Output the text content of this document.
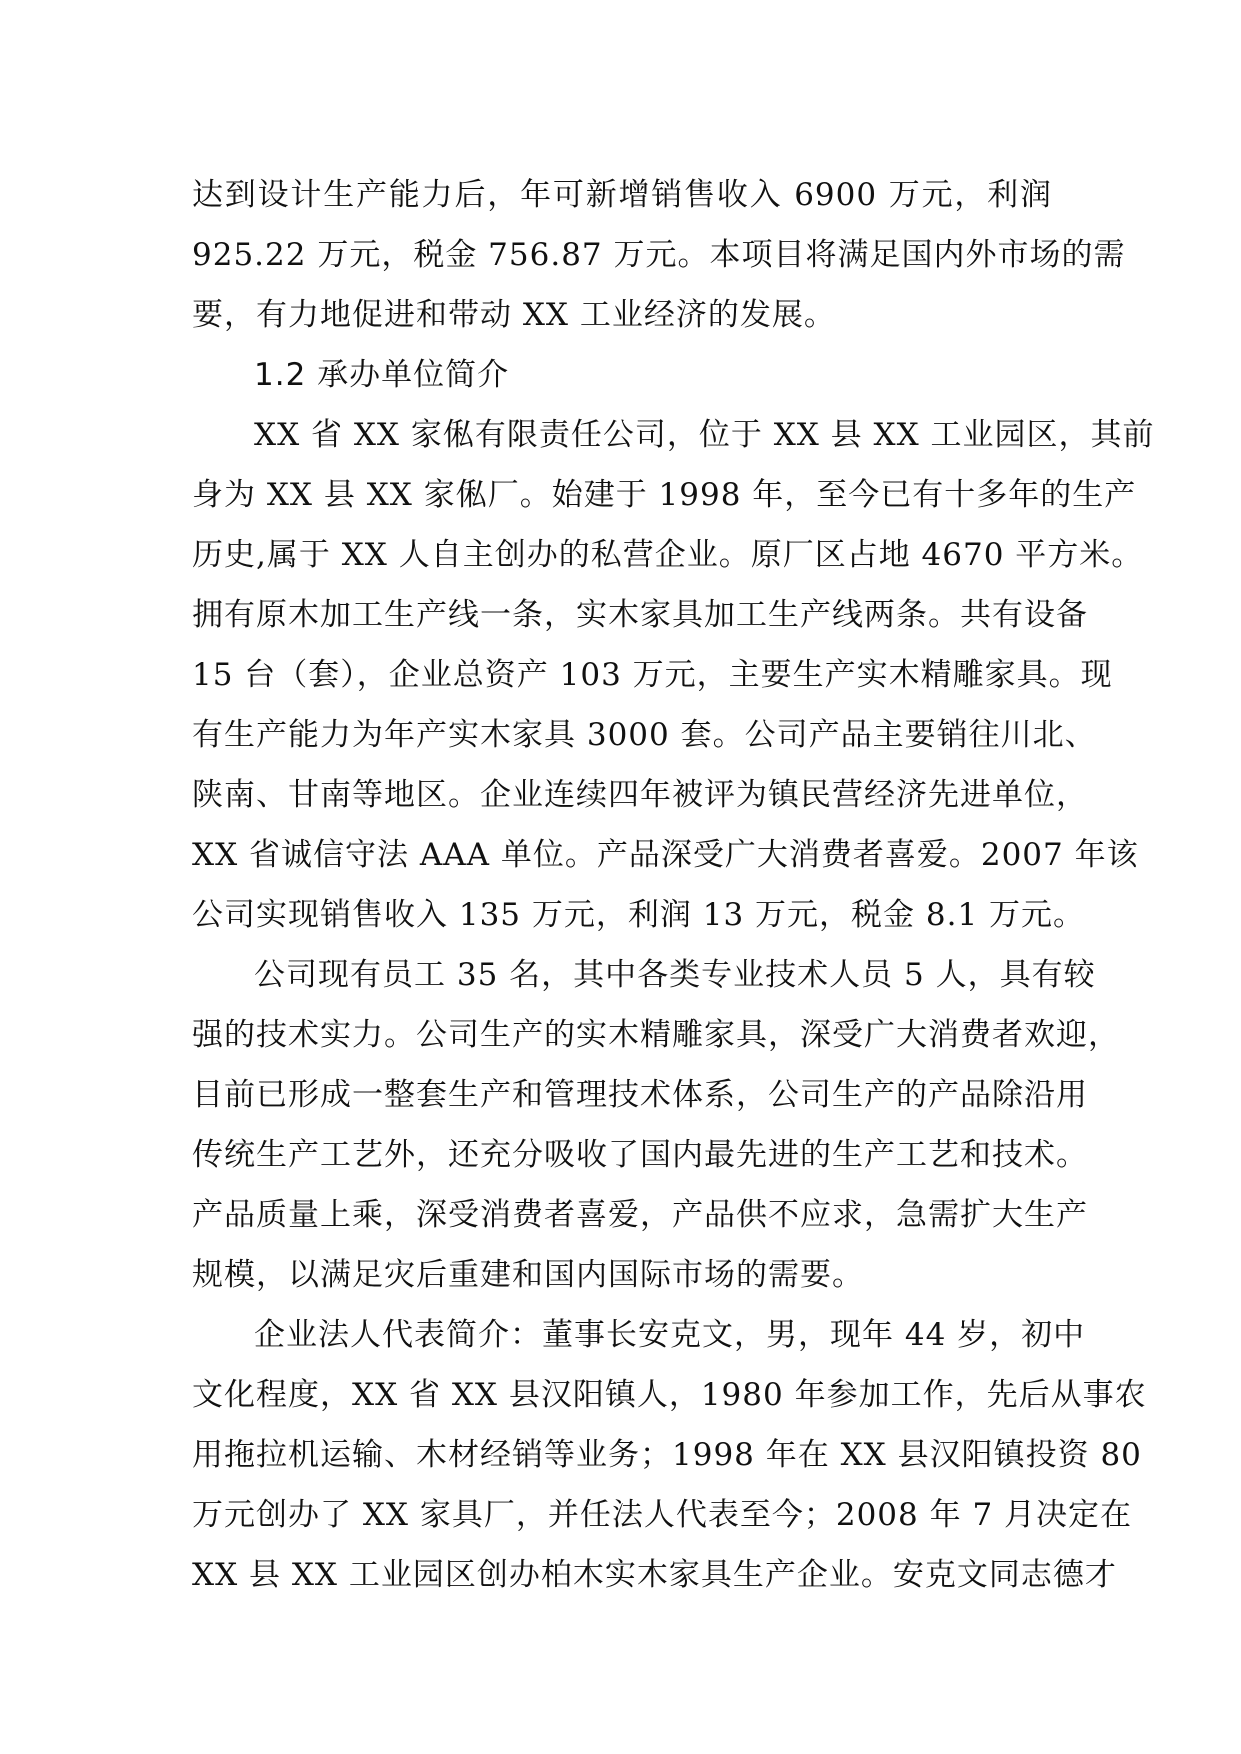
达到设计生产能力后，年可新增销售收入 6900 万元，利润
925.22 万元，税金 756.87 万元。本项目将满足国内外市场的需
要，有力地促进和带动 XX 工业经济的发展。
1.2 承办单位简介
XX 省 XX 家俬有限责任公司，位于 XX 县 XX 工业园区，其前
身为 XX 县 XX 家俬厂。始建于 1998 年，至今已有十多年的生产
历史,属于 XX 人自主创办的私营企业。原厂区占地 4670 平方米。
拥有原木加工生产线一条，实木家具加工生产线两条。共有设备
15 台（套），企业总资产 103 万元，主要生产实木精雕家具。现
有生产能力为年产实木家具 3000 套。公司产品主要销往川北、
陕南、甘南等地区。企业连续四年被评为镇民营经济先进单位，
XX 省诚信守法 AAA 单位。产品深受广大消费者喜爱。2007 年该
公司实现销售收入 135 万元，利润 13 万元，税金 8.1 万元。
公司现有员工 35 名，其中各类专业技术人员 5 人，具有较
强的技术实力。公司生产的实木精雕家具，深受广大消费者欢迎，
目前已形成一整套生产和管理技术体系，公司生产的产品除沿用
传统生产工艺外，还充分吸收了国内最先进的生产工艺和技术。
产品质量上乘，深受消费者喜爱，产品供不应求，急需扩大生产
规模，以满足灾后重建和国内国际市场的需要。
企业法人代表简介：董事长安克文，男，现年 44 岁，初中
文化程度，XX 省 XX 县汉阳镇人，1980 年参加工作，先后从事农
用拖拉机运输、木材经销等业务；1998 年在 XX 县汉阳镇投资 80
万元创办了 XX 家具厂，并任法人代表至今；2008 年 7 月决定在
XX 县 XX 工业园区创办柏木实木家具生产企业。安克文同志德才
